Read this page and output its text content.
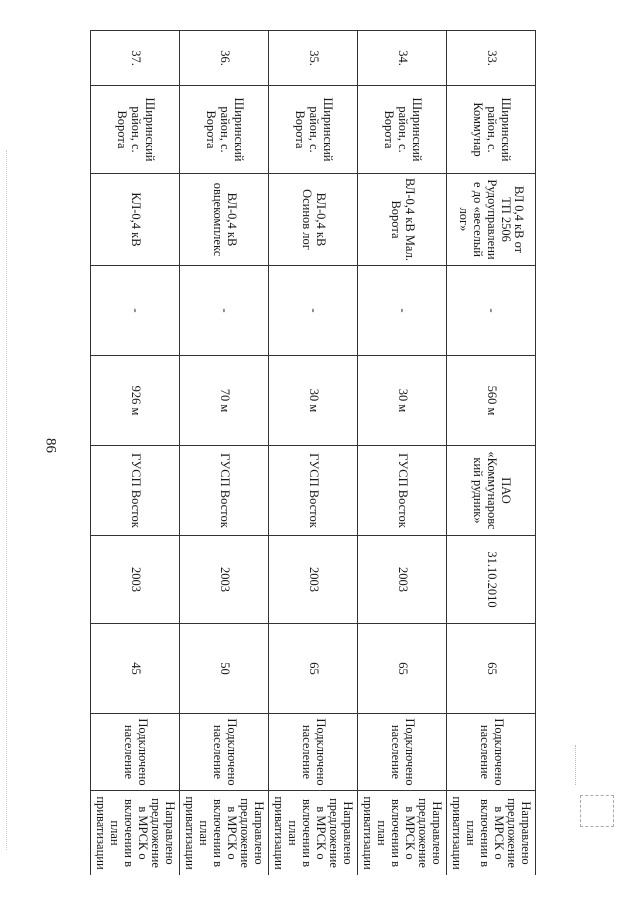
86
33.	Ширинский район, с. Коммунар	ВЛ 0,4 кВ от ТП 2506 Рудоуправление до «веселый лог»	-	560 м	ПАО «Коммунаровский рудник»	31.10.2010	65	Подключено население	Направлено предложение в МРСК о включении в план приватизации
34.	Ширинский район, с. Ворота	ВЛ-0,4 кВ Мал. Ворота	-	30 м	ГУСП Восток	2003	65	Подключено население	Направлено предложение в МРСК о включении в план приватизации
35.	Ширинский район, с. Ворота	ВЛ-0,4 кВ Осинов лог	-	30 м	ГУСП Восток	2003	65	Подключено население	Направлено предложение в МРСК о включении в план приватизации
36.	Ширинский район, с. Ворота	ВЛ-0,4 кВ овцекомплекс	-	70 м	ГУСП Восток	2003	50	Подключено население	Направлено предложение в МРСК о включении в план приватизации
37.	Ширинский район, с. Ворота	КЛ-0,4 кВ	-	926 м	ГУСП Восток	2003	45	Подключено население	Направлено предложение в МРСК о включении в план приватизации
